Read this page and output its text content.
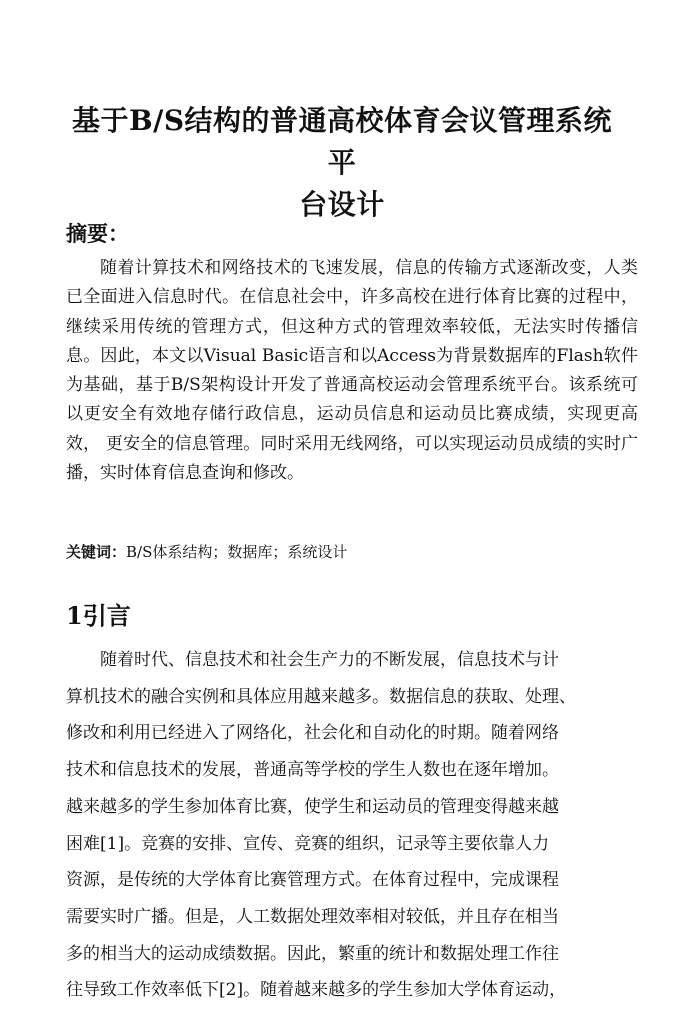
基于B/S结构的普通高校体育会议管理系统平
台设计
摘要：

随着计算技术和网络技术的飞速发展，信息的传输方式逐渐改变，人类已全面进入信息时代。在信息社会中，许多高校在进行体育比赛的过程中，继续采用传统的管理方式，但这种方式的管理效率较低，无法实时传播信息。因此，本文以Visual Basic语言和以Access为背景数据库的Flash软件为基础，基于B/S架构设计开发了普通高校运动会管理系统平台。该系统可以更安全有效地存储行政信息，运动员信息和运动员比赛成绩，实现更高效， 更安全的信息管理。同时采用无线网络，可以实现运动员成绩的实时广播，实时体育信息查询和修改。

关键词：B/S体系结构；数据库；系统设计
1引言
随着时代、信息技术和社会生产力的不断发展，信息技术与计
算机技术的融合实例和具体应用越来越多。数据信息的获取、处理、
修改和利用已经进入了网络化，社会化和自动化的时期。随着网络
技术和信息技术的发展，普通高等学校的学生人数也在逐年增加。
越来越多的学生参加体育比赛，使学生和运动员的管理变得越来越
困难[1]。竞赛的安排、宣传、竞赛的组织，记录等主要依靠人力
资源，是传统的大学体育比赛管理方式。在体育过程中，完成课程
需要实时广播。但是，人工数据处理效率相对较低，并且存在相当
多的相当大的运动成绩数据。因此，繁重的统计和数据处理工作往
往导致工作效率低下[2]。随着越来越多的学生参加大学体育运动，
